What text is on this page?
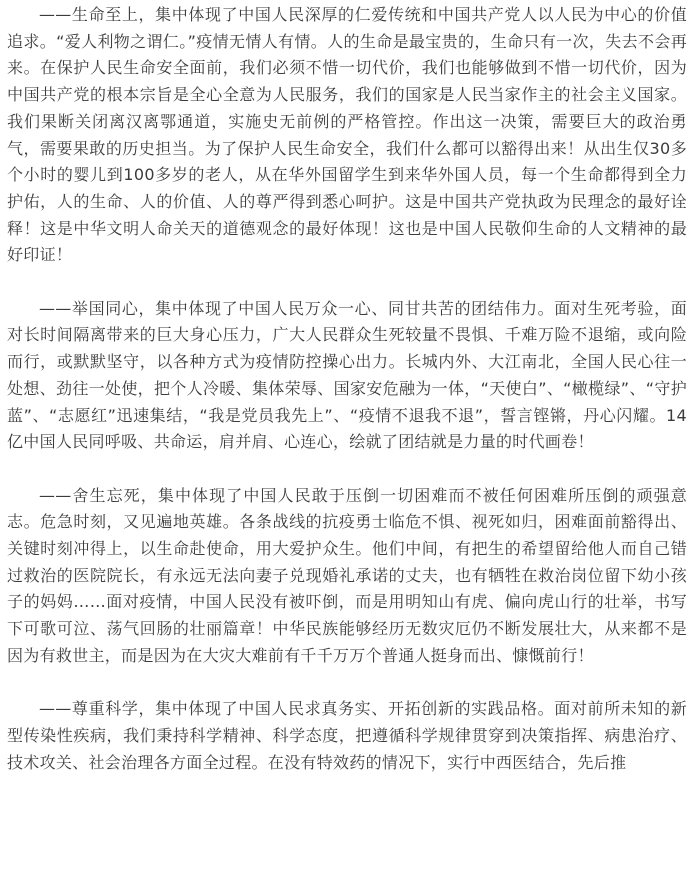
——生命至上，集中体现了中国人民深厚的仁爱传统和中国共产党人以人民为中心的价值追求。“爱人利物之谓仁。”疫情无情人有情。人的生命是最宝贵的，生命只有一次，失去不会再来。在保护人民生命安全面前，我们必须不惜一切代价，我们也能够做到不惜一切代价，因为中国共产党的根本宗旨是全心全意为人民服务，我们的国家是人民当家作主的社会主义国家。我们果断关闭离汉离鄂通道，实施史无前例的严格管控。作出这一决策，需要巨大的政治勇气，需要果敢的历史担当。为了保护人民生命安全，我们什么都可以豁得出来！从出生仅30多个小时的婴儿到100多岁的老人，从在华外国留学生到来华外国人员，每一个生命都得到全力护佑，人的生命、人的价值、人的尊严得到悉心呵护。这是中国共产党执政为民理念的最好诠释！这是中华文明人命关天的道德观念的最好体现！这也是中国人民敬仰生命的人文精神的最好印证！

——举国同心，集中体现了中国人民万众一心、同甘共苦的团结伟力。面对生死考验，面对长时间隔离带来的巨大身心压力，广大人民群众生死较量不畏惧、千难万险不退缩，或向险而行，或默默坚守，以各种方式为疫情防控操心出力。长城内外、大江南北，全国人民心往一处想、劲往一处使，把个人冷暖、集体荣辱、国家安危融为一体，“天使白”、“橄榄绿”、“守护蓝”、“志愿红”迅速集结，“我是党员我先上”、“疫情不退我不退”，誓言铿锵，丹心闪耀。14亿中国人民同呼吸、共命运，肩并肩、心连心，绘就了团结就是力量的时代画卷！

——舍生忘死，集中体现了中国人民敢于压倒一切困难而不被任何困难所压倒的顽强意志。危急时刻，又见遍地英雄。各条战线的抗疫勇士临危不惧、视死如归，困难面前豁得出、关键时刻冲得上，以生命赴使命，用大爱护众生。他们中间，有把生的希望留给他人而自己错过救治的医院院长，有永远无法向妻子兑现婚礼承诺的丈夫，也有牺牲在救治岗位留下幼小孩子的妈妈……面对疫情，中国人民没有被吓倒，而是用明知山有虎、偏向虎山行的壮举，书写下可歌可泣、荡气回肠的壮丽篇章！中华民族能够经历无数灾厄仍不断发展壮大，从来都不是因为有救世主，而是因为在大灾大难前有千千万万个普通人挺身而出、慷慨前行！

——尊重科学，集中体现了中国人民求真务实、开拓创新的实践品格。面对前所未知的新型传染性疾病，我们秉持科学精神、科学态度，把遵循科学规律贯穿到决策指挥、病患治疗、技术攻关、社会治理各方面全过程。在没有特效药的情况下，实行中西医结合，先后推
